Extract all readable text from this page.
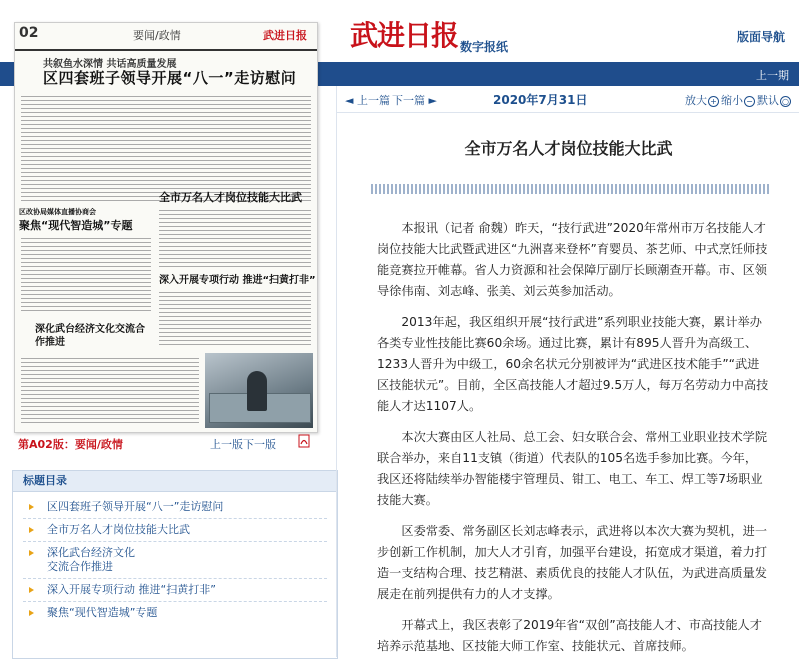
武进日报 数字报纸
版面导航
上一期
02	要闻/政情	武进日报
共叙鱼水深情 共话高质量发展
区四套班子领导开展“八一”走访慰问
区改协局媒体直播协商会
聚焦“现代智造城”专题
全市万名人才岗位技能大比武
深入开展专项行动 推进“扫黄打非”
深化武台经济文化交流合作推进
第A02版：要闻/政情	上一版 下一版
标题目录
区四套班子领导开展“八一”走访慰问
全市万名人才岗位技能大比武
深化武台经济文化
交流合作推进
深入开展专项行动 推进“扫黄打非”
聚焦“现代智造城”专题
◄ 上一篇 下一篇 ►	2020年7月31日	放大 + 缩小 − 默认 ○
全市万名人才岗位技能大比武

本报讯（记者 俞魏）昨天，“技行武进”2020年常州市万名技能人才岗位技能大比武暨武进区“九洲喜来登杯”育婴员、茶艺师、中式烹饪师技能竞赛拉开帷幕。省人力资源和社会保障厅副厅长顾潮查开幕。市、区领导徐伟南、刘志峰、张美、刘云英参加活动。

2013年起，我区组织开展“技行武进”系列职业技能大赛，累计举办各类专业性技能比赛60余场。通过比赛，累计有895人晋升为高级工、1233人晋升为中级工，60余名状元分别被评为“武进区技术能手”“武进区技能状元”。目前，全区高技能人才超过9.5万人，每万名劳动力中高技能人才达1107人。

本次大赛由区人社局、总工会、妇女联合会、常州工业职业技术学院联合举办，来自11支镇（街道）代表队的105名选手参加比赛。今年，我区还将陆续举办智能楼宇管理员、钳工、电工、车工、焊工等7场职业技能大赛。

区委常委、常务副区长刘志峰表示，武进将以本次大赛为契机，进一步创新工作机制，加大人才引育，加强平台建设，拓宽成才渠道，着力打造一支结构合理、技艺精湛、素质优良的技能人才队伍，为武进高质量发展走在前列提供有力的人才支撑。

开幕式上，我区表彰了2019年省“双创”高技能人才、市高技能人才培养示范基地、区技能大师工作室、技能状元、首席技师。
